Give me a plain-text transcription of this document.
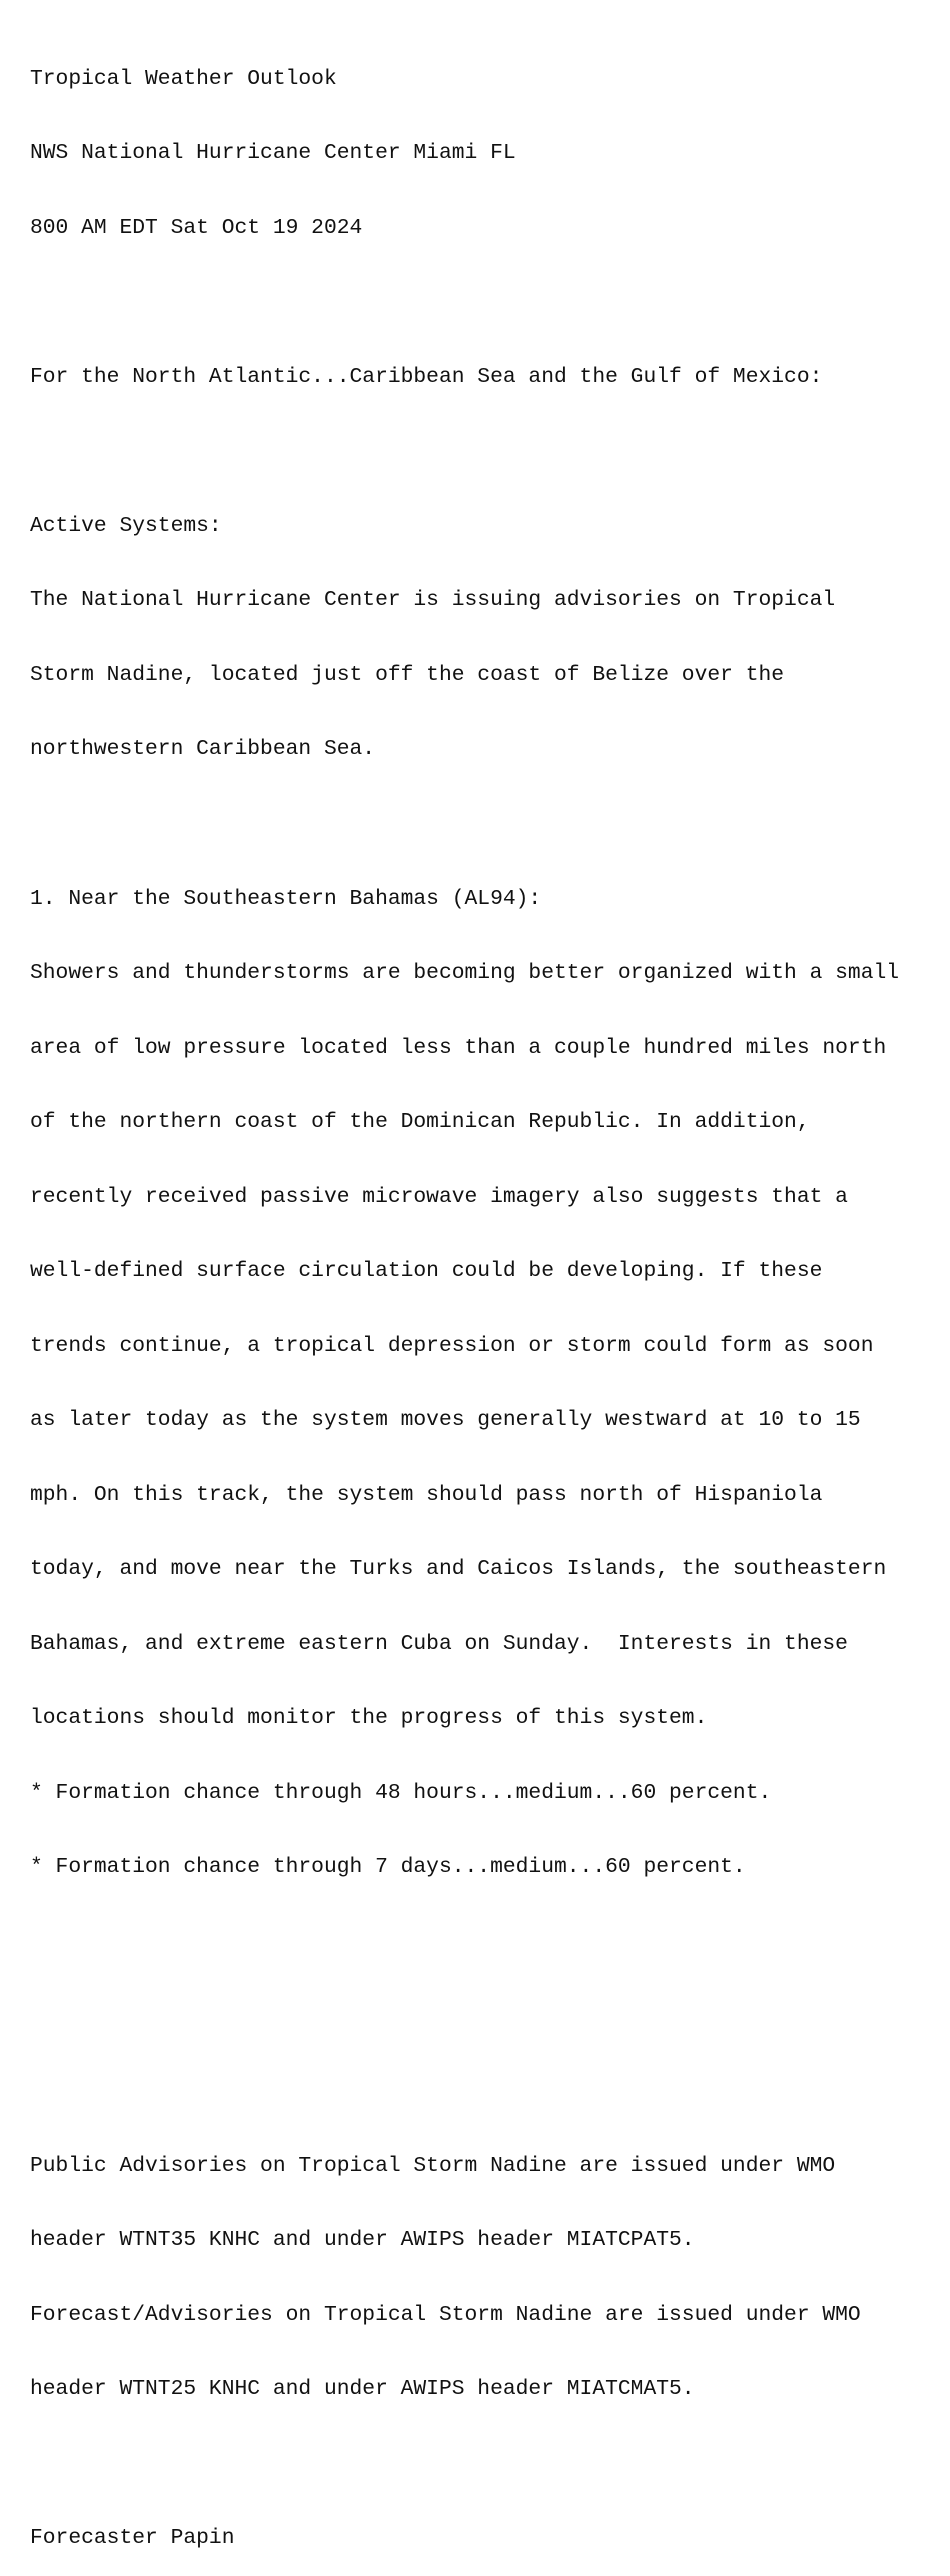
Tropical Weather Outlook

NWS National Hurricane Center Miami FL

800 AM EDT Sat Oct 19 2024

For the North Atlantic...Caribbean Sea and the Gulf of Mexico:

Active Systems:

The National Hurricane Center is issuing advisories on Tropical

Storm Nadine, located just off the coast of Belize over the

northwestern Caribbean Sea.

1. Near the Southeastern Bahamas (AL94):

Showers and thunderstorms are becoming better organized with a small

area of low pressure located less than a couple hundred miles north

of the northern coast of the Dominican Republic. In addition,

recently received passive microwave imagery also suggests that a

well-defined surface circulation could be developing. If these

trends continue, a tropical depression or storm could form as soon

as later today as the system moves generally westward at 10 to 15

mph. On this track, the system should pass north of Hispaniola

today, and move near the Turks and Caicos Islands, the southeastern

Bahamas, and extreme eastern Cuba on Sunday.  Interests in these

locations should monitor the progress of this system.

* Formation chance through 48 hours...medium...60 percent.

* Formation chance through 7 days...medium...60 percent.

Public Advisories on Tropical Storm Nadine are issued under WMO

header WTNT35 KNHC and under AWIPS header MIATCPAT5.

Forecast/Advisories on Tropical Storm Nadine are issued under WMO

header WTNT25 KNHC and under AWIPS header MIATCMAT5.

Forecaster Papin
